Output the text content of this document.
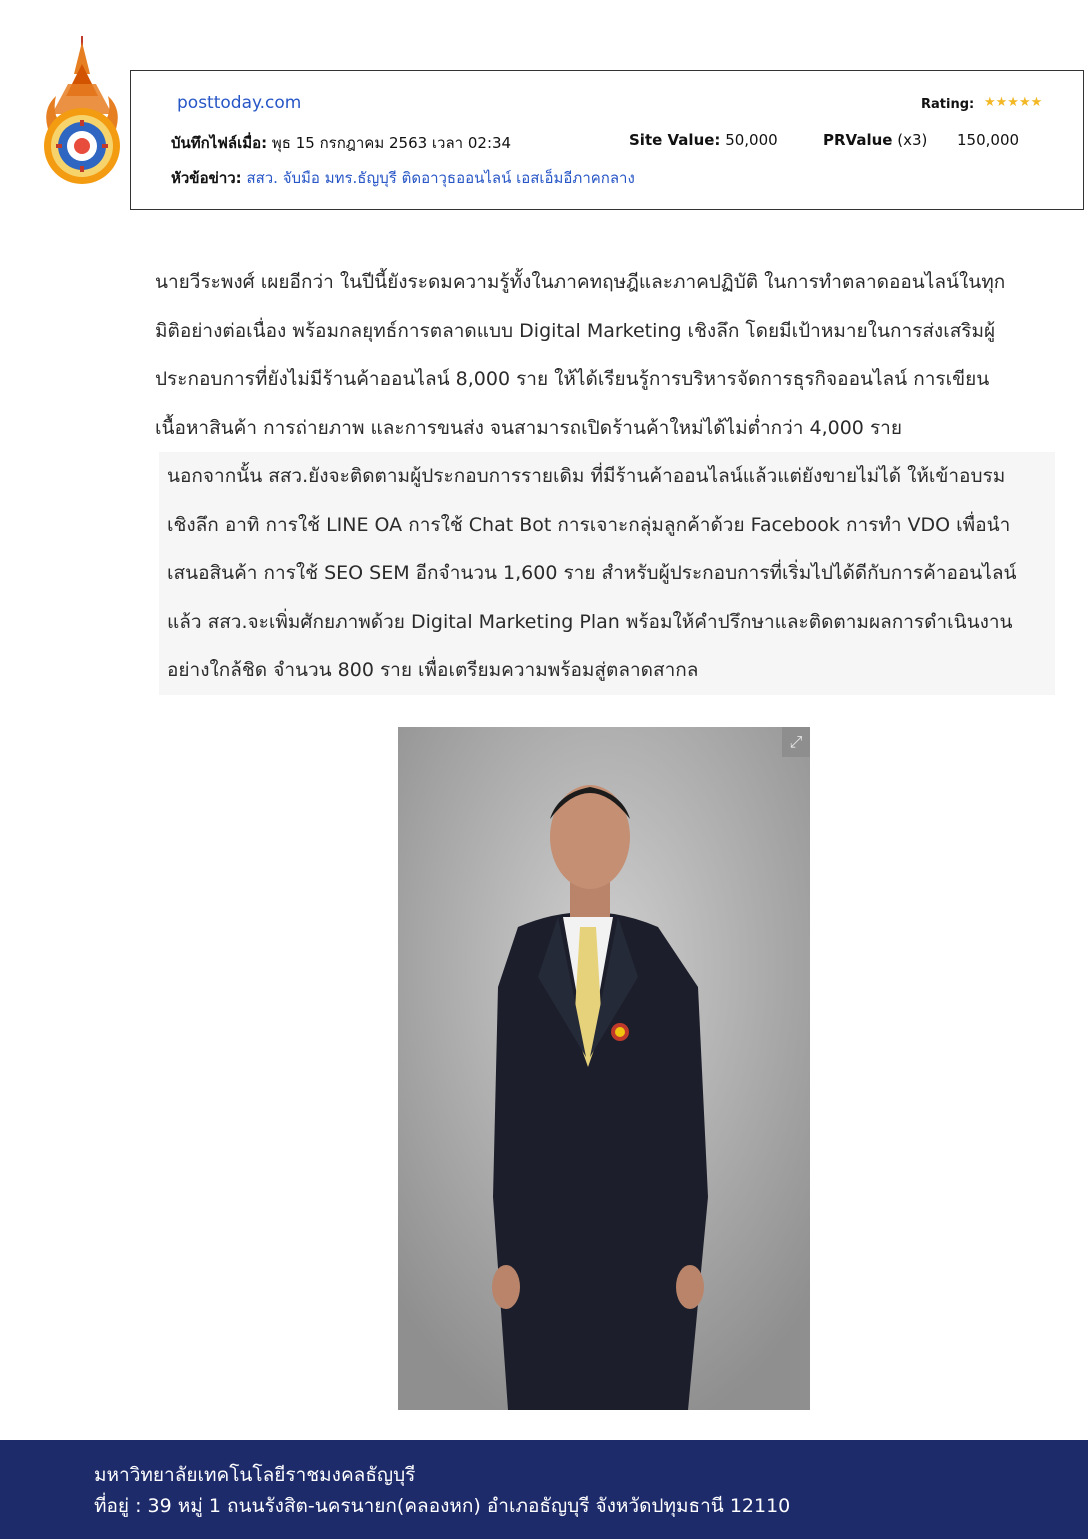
posttoday.com	Rating: ★★★★★
บันทึกไฟล์เมื่อ: พุธ 15 กรกฎาคม 2563 เวลา 02:34	Site Value: 50,000	PRValue (x3) 150,000
หัวข้อข่าว: สสว. จับมือ มทร.ธัญบุรี ติดอาวุธออนไลน์ เอสเอ็มอีภาคกลาง

นายวีระพงศ์ เผยอีกว่า ในปีนี้ยังระดมความรู้ทั้งในภาคทฤษฎีและภาคปฏิบัติ ในการทำตลาดออนไลน์ในทุก

มิติอย่างต่อเนื่อง พร้อมกลยุทธ์การตลาดแบบ Digital Marketing เชิงลึก โดยมีเป้าหมายในการส่งเสริมผู้

ประกอบการที่ยังไม่มีร้านค้าออนไลน์ 8,000 ราย ให้ได้เรียนรู้การบริหารจัดการธุรกิจออนไลน์ การเขียน

เนื้อหาสินค้า การถ่ายภาพ และการขนส่ง จนสามารถเปิดร้านค้าใหม่ได้ไม่ต่ำกว่า 4,000 ราย

นอกจากนั้น สสว.ยังจะติดตามผู้ประกอบการรายเดิม ที่มีร้านค้าออนไลน์แล้วแต่ยังขายไม่ได้ ให้เข้าอบรม

เชิงลึก อาทิ การใช้ LINE OA การใช้ Chat Bot การเจาะกลุ่มลูกค้าด้วย Facebook การทำ VDO เพื่อนำ

เสนอสินค้า การใช้ SEO SEM อีกจำนวน 1,600 ราย สำหรับผู้ประกอบการที่เริ่มไปได้ดีกับการค้าออนไลน์

แล้ว สสว.จะเพิ่มศักยภาพด้วย Digital Marketing Plan พร้อมให้คำปรึกษาและติดตามผลการดำเนินงาน

อย่างใกล้ชิด จำนวน 800 ราย เพื่อเตรียมความพร้อมสู่ตลาดสากล

⤢
มหาวิทยาลัยเทคโนโลยีราชมงคลธัญบุรี
ที่อยู่ : 39 หมู่ 1 ถนนรังสิต-นครนายก(คลองหก) อำเภอธัญบุรี จังหวัดปทุมธานี 12110
